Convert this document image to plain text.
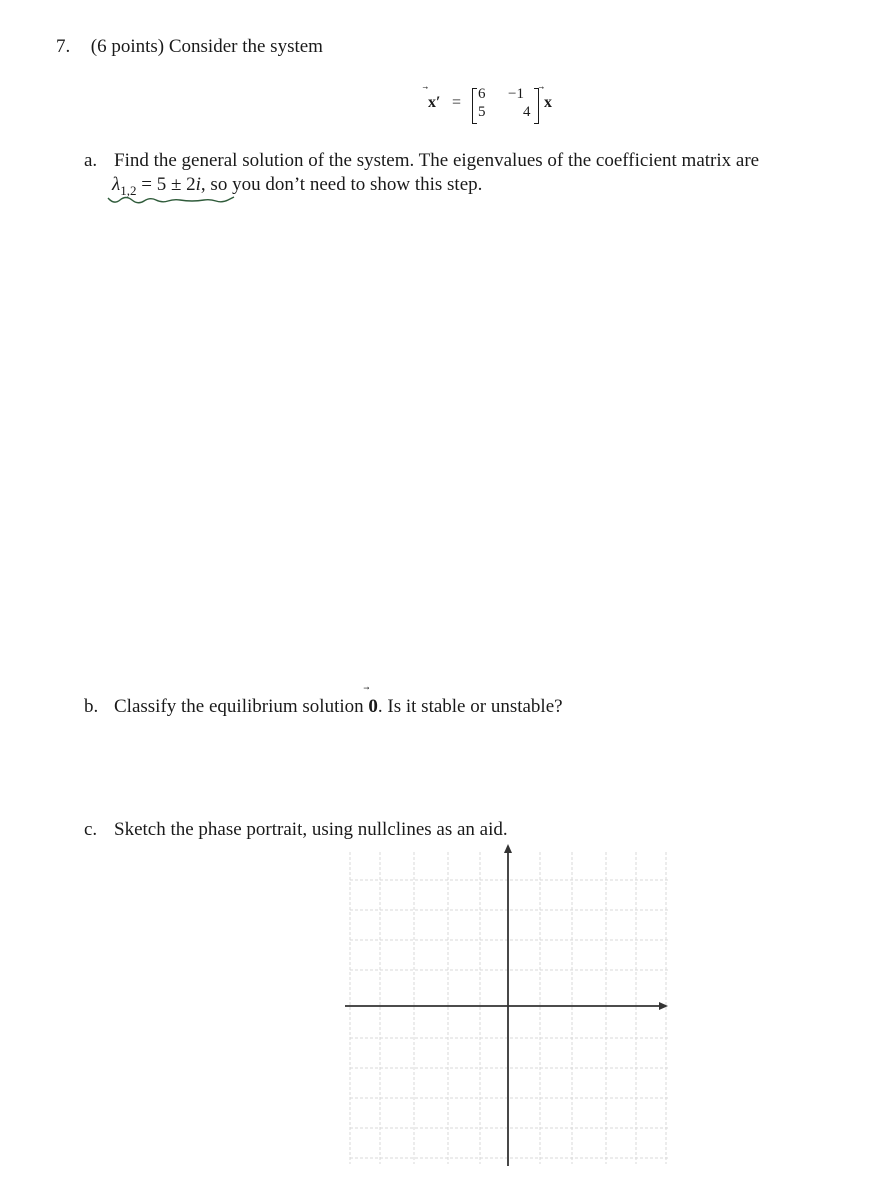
7. (6 points) Consider the system
x′ = 6 −1
5	4
x
a. Find the general solution of the system. The eigenvalues of the coefficient matrix are
$\lambda_{1,2} = 5 \pm 2i$, so you don’t need to show this step.
b. Classify the equilibrium solution
0. Is it stable or unstable?
c. Sketch the phase portrait, using nullclines as an aid.
